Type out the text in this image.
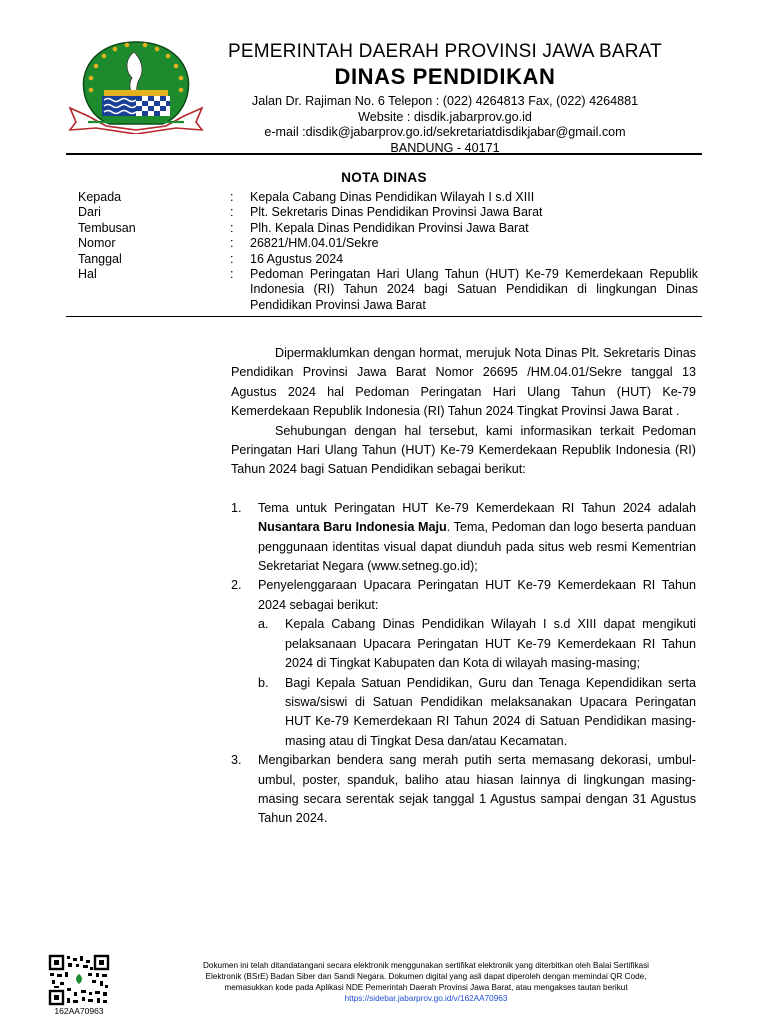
PEMERINTAH DAERAH PROVINSI JAWA BARAT
DINAS PENDIDIKAN
Jalan Dr. Rajiman No. 6 Telepon : (022) 4264813 Fax, (022) 4264881
Website : disdik.jabarprov.go.id
e-mail :disdik@jabarprov.go.id/sekretariatdisdikjabar@gmail.com
BANDUNG - 40171
NOTA DINAS
Kepada	:	Kepala Cabang Dinas Pendidikan Wilayah I s.d XIII
Dari	:	Plt. Sekretaris Dinas Pendidikan Provinsi Jawa Barat
Tembusan	:	Plh. Kepala Dinas Pendidikan Provinsi Jawa Barat
Nomor	:	26821/HM.04.01/Sekre
Tanggal	:	16 Agustus 2024
Hal	:	Pedoman Peringatan Hari Ulang Tahun (HUT) Ke-79 Kemerdekaan Republik Indonesia (RI) Tahun 2024 bagi Satuan Pendidikan di lingkungan Dinas Pendidikan Provinsi Jawa Barat

Dipermaklumkan dengan hormat, merujuk Nota Dinas Plt. Sekretaris Dinas Pendidikan Provinsi Jawa Barat Nomor 26695 /HM.04.01/Sekre tanggal 13 Agustus 2024 hal Pedoman Peringatan Hari Ulang Tahun (HUT) Ke-79 Kemerdekaan Republik Indonesia (RI) Tahun 2024 Tingkat Provinsi Jawa Barat .

Sehubungan dengan hal tersebut, kami informasikan terkait Pedoman Peringatan Hari Ulang Tahun (HUT) Ke-79 Kemerdekaan Republik Indonesia (RI) Tahun 2024 bagi Satuan Pendidikan sebagai berikut:

1.	Tema untuk Peringatan HUT Ke-79 Kemerdekaan RI Tahun 2024 adalah Nusantara Baru Indonesia Maju. Tema, Pedoman dan logo beserta panduan penggunaan identitas visual dapat diunduh pada situs web resmi Kementrian Sekretariat Negara (www.setneg.go.id);
2.	Penyelenggaraan Upacara Peringatan HUT Ke-79 Kemerdekaan RI Tahun 2024 sebagai berikut:
a.	Kepala Cabang Dinas Pendidikan Wilayah I s.d XIII dapat mengikuti pelaksanaan Upacara Peringatan HUT Ke-79 Kemerdekaan RI Tahun 2024 di Tingkat Kabupaten dan Kota di wilayah masing-masing;
b.	Bagi Kepala Satuan Pendidikan, Guru dan Tenaga Kependidikan serta siswa/siswi di Satuan Pendidikan melaksanakan Upacara Peringatan HUT Ke-79 Kemerdekaan RI Tahun 2024 di Satuan Pendidikan masing-masing atau di Tingkat Desa dan/atau Kecamatan.
3.	Mengibarkan bendera sang merah putih serta memasang dekorasi, umbul-umbul, poster, spanduk, baliho atau hiasan lainnya di lingkungan masing-masing secara serentak sejak tanggal 1 Agustus sampai dengan 31 Agustus Tahun 2024.
162AA70963
Dokumen ini telah ditandatangani secara elektronik menggunakan sertifikat elektronik yang diterbitkan oleh Balai Sertifikasi
Elektronik (BSrE) Badan Siber dan Sandi Negara. Dokumen digital yang asli dapat diperoleh dengan memindai QR Code,
memasukkan kode pada Aplikasi NDE Pemerintah Daerah Provinsi Jawa Barat, atau mengakses tautan berikut
https://sidebar.jabarprov.go.id/v/162AA70963
